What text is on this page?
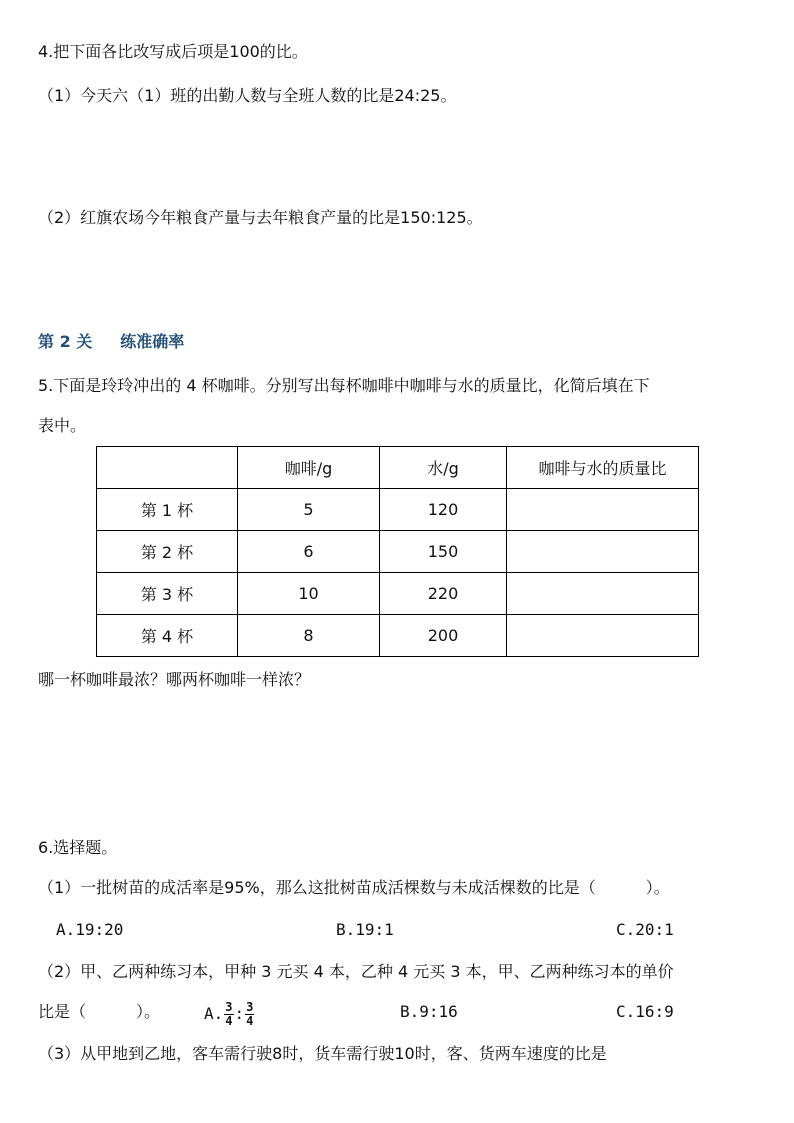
4.把下面各比改写成后项是100的比。
（1）今天六（1）班的出勤人数与全班人数的比是24:25。
（2）红旗农场今年粮食产量与去年粮食产量的比是150:125。
第 2 关 练准确率
5.下面是玲玲冲出的 4 杯咖啡。分别写出每杯咖啡中咖啡与水的质量比，化简后填在下
表中。
	咖啡/g	水/g	咖啡与水的质量比
第 1 杯	5	120	
第 2 杯	6	150	
第 3 杯	10	220	
第 4 杯	8	200	
哪一杯咖啡最浓？哪两杯咖啡一样浓？
6.选择题。
（1）一批树苗的成活率是95%，那么这批树苗成活棵数与未成活棵数的比是（	）。
A.19:20	B.19:1	C.20:1
（2）甲、乙两种练习本，甲种 3 元买 4 本，乙种 4 元买 3 本，甲、乙两种练习本的单价
比是（	）。	A. $\frac{3}{4}$ : $\frac{3}{4}$	B.9:16	C.16:9
（3）从甲地到乙地，客车需行驶8时，货车需行驶10时，客、货两车速度的比是
